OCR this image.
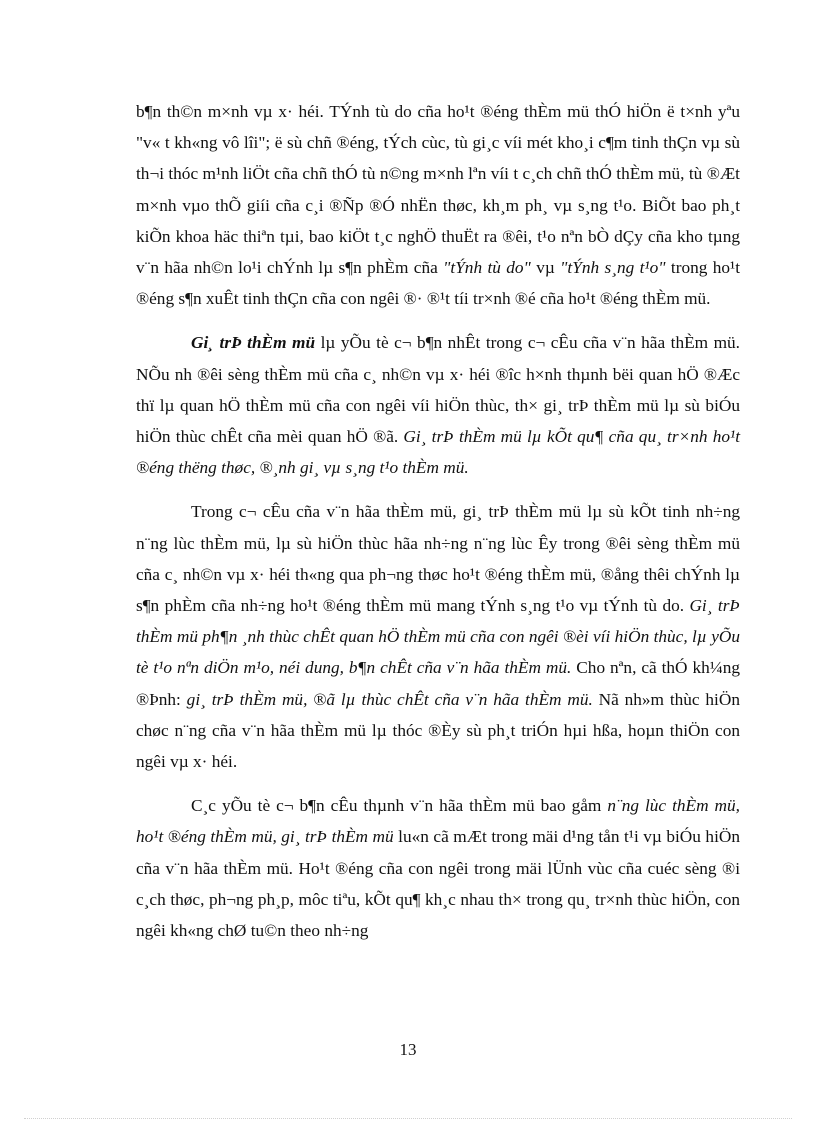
b¶n th©n m×nh vµ x· héi. TÝnh tù do cña ho¹t ®éng thÈm mü thÓ hiÖn ë t×nh yªu "v« t kh«ng vô lîi"; ë sù chñ ®éng, tÝch cùc, tù gi¸c víi mét kho¸i c¶m tinh thÇn vµ sù th¬i thóc m¹nh liÖt cña chñ thÓ tù n©ng m×nh lªn víi t c¸ch chñ thÓ thÈm mü, tù ®Æt m×nh vµo thÕ giíi cña c¸i ®Ñp ®Ó nhËn thøc, kh¸m ph¸ vµ s¸ng t¹o. BiÕt bao ph¸t kiÕn khoa häc thiªn tµi, bao kiÖt t¸c nghÖ thuËt ra ®êi, t¹o nªn bÒ dÇy cña kho tµng v¨n hãa nh©n lo¹i chÝnh lµ s¶n phÈm cña "tÝnh tù do" vµ "tÝnh s¸ng t¹o" trong ho¹t ®éng s¶n xuÊt tinh thÇn cña con ngêi ®· ®¹t tíi tr×nh ®é cña ho¹t ®éng thÈm mü.

Gi¸ trÞ thÈm mü lµ yÕu tè c¬ b¶n nhÊt trong c¬ cÊu cña v¨n hãa thÈm mü. NÕu nh ®êi sèng thÈm mü cña c¸ nh©n vµ x· héi ®îc h×nh thµnh bëi quan hÖ ®Æc thï lµ quan hÖ thÈm mü cña con ngêi víi hiÖn thùc, th× gi¸ trÞ thÈm mü lµ sù biÓu hiÖn thùc chÊt cña mèi quan hÖ ®ã. Gi¸ trÞ thÈm mü lµ kÕt qu¶ cña qu¸ tr×nh ho¹t ®éng thëng thøc, ®¸nh gi¸ vµ s¸ng t¹o thÈm mü.

Trong c¬ cÊu cña v¨n hãa thÈm mü, gi¸ trÞ thÈm mü lµ sù kÕt tinh nh÷ng n¨ng lùc thÈm mü, lµ sù hiÖn thùc hãa nh÷ng n¨ng lùc Êy trong ®êi sèng thÈm mü cña c¸ nh©n vµ x· héi th«ng qua ph¬ng thøc ho¹t ®éng thÈm mü, ®ång thêi chÝnh lµ s¶n phÈm cña nh÷ng ho¹t ®éng thÈm mü mang tÝnh s¸ng t¹o vµ tÝnh tù do. Gi¸ trÞ thÈm mü ph¶n ¸nh thùc chÊt quan hÖ thÈm mü cña con ngêi ®èi víi hiÖn thùc, lµ yÕu tè t¹o nªn diÖn m¹o, néi dung, b¶n chÊt cña v¨n hãa thÈm mü. Cho nªn, cã thÓ kh¼ng ®Þnh: gi¸ trÞ thÈm mü, ®ã lµ thùc chÊt cña v¨n hãa thÈm mü. Nã nh»m thùc hiÖn chøc n¨ng cña v¨n hãa thÈm mü lµ thóc ®Èy sù ph¸t triÓn hµi hßa, hoµn thiÖn con ngêi vµ x· héi.

C¸c yÕu tè c¬ b¶n cÊu thµnh v¨n hãa thÈm mü bao gåm n¨ng lùc thÈm mü, ho¹t ®éng thÈm mü, gi¸ trÞ thÈm mü lu«n cã mÆt trong mäi d¹ng tån t¹i vµ biÓu hiÖn cña v¨n hãa thÈm mü. Ho¹t ®éng cña con ngêi trong mäi lÜnh vùc cña cuéc sèng ®i c¸ch thøc, ph¬ng ph¸p, môc tiªu, kÕt qu¶ kh¸c nhau th× trong qu¸ tr×nh thùc hiÖn, con ngêi kh«ng chØ tu©n theo nh÷ng

13
